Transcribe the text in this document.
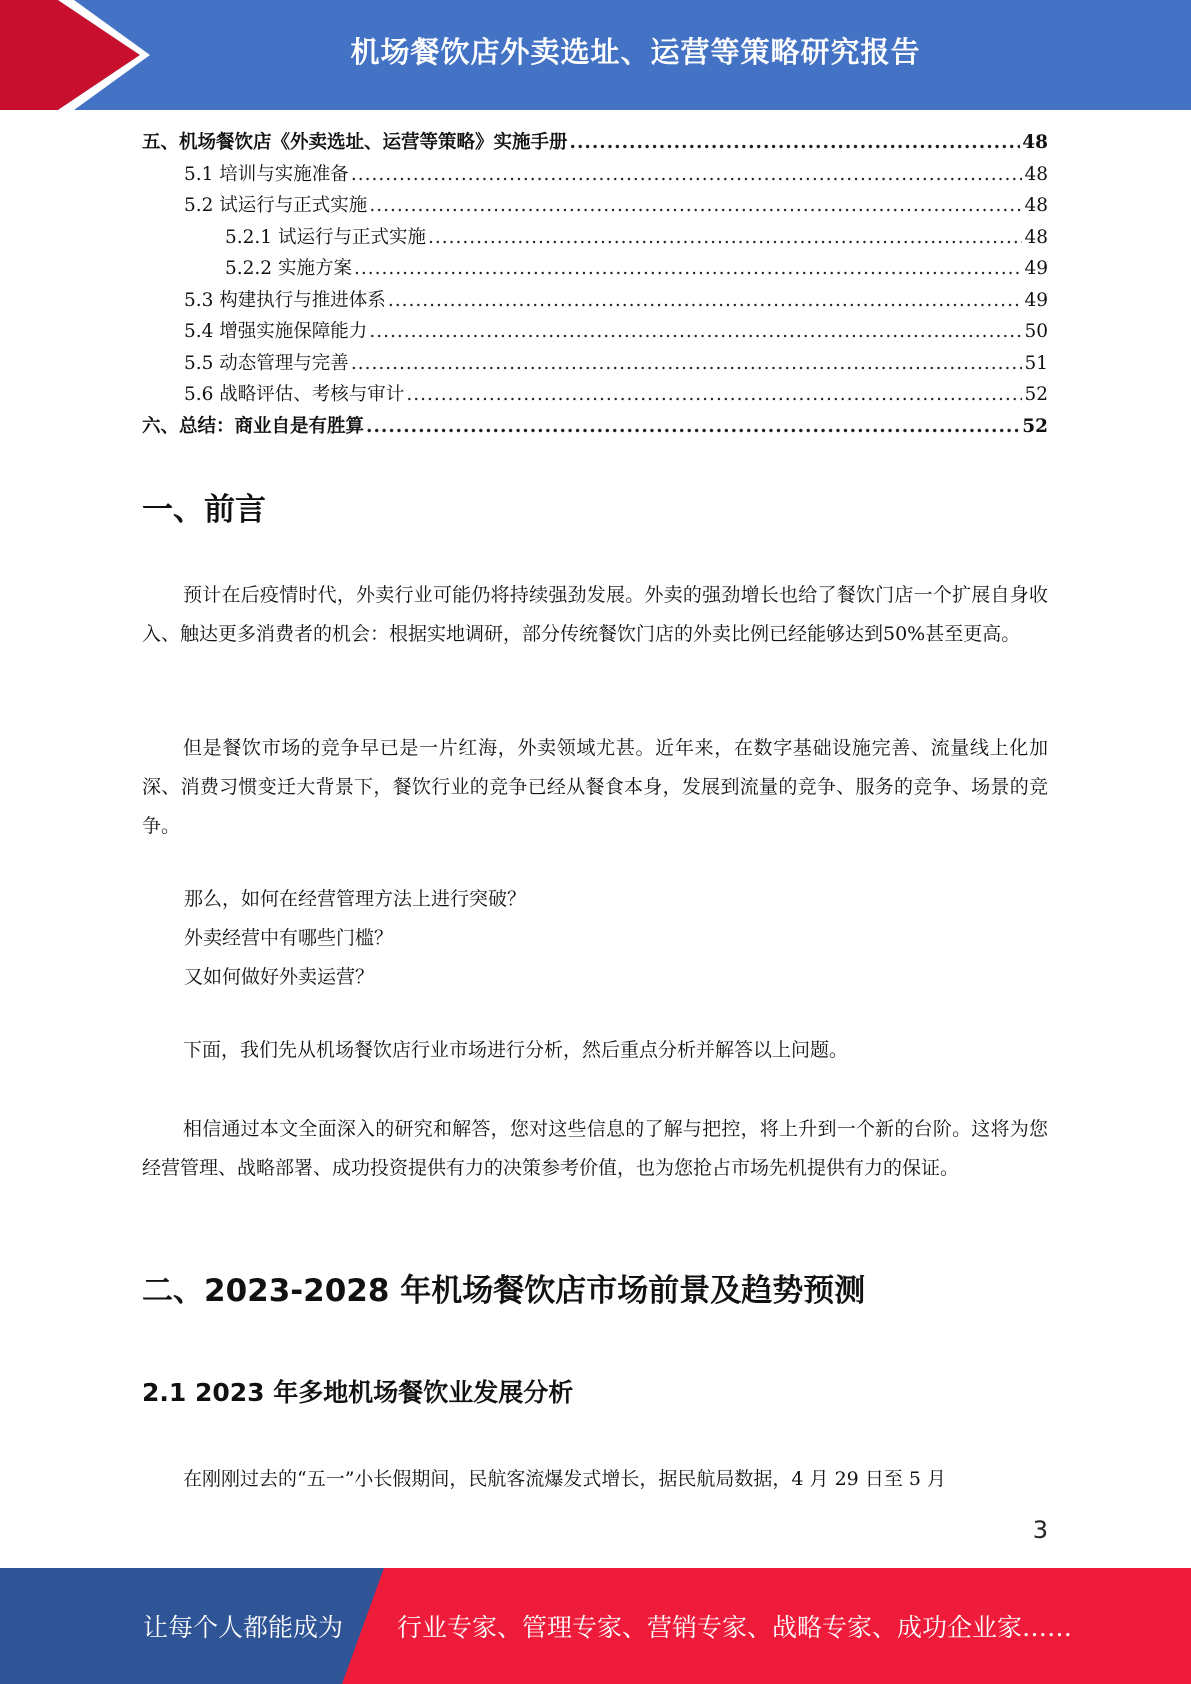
机场餐饮店外卖选址、运营等策略研究报告
五、机场餐饮店《外卖选址、运营等策略》实施手册 .....	48
5.1 培训与实施准备 .....	48
5.2 试运行与正式实施 .....	48
5.2.1 试运行与正式实施 .....	48
5.2.2 实施方案 .....	49
5.3 构建执行与推进体系 .....	49
5.4 增强实施保障能力 .....	50
5.5 动态管理与完善 .....	51
5.6 战略评估、考核与审计 .....	52
六、总结：商业自是有胜算 .....	52
一、前言

预计在后疫情时代，外卖行业可能仍将持续强劲发展。外卖的强劲增长也给了餐饮门店一个扩展自身收入、触达更多消费者的机会：根据实地调研，部分传统餐饮门店的外卖比例已经能够达到50%甚至更高。

但是餐饮市场的竞争早已是一片红海，外卖领域尤甚。近年来，在数字基础设施完善、流量线上化加深、消费习惯变迁大背景下，餐饮行业的竞争已经从餐食本身，发展到流量的竞争、服务的竞争、场景的竞争。

那么，如何在经营管理方法上进行突破？

外卖经营中有哪些门槛？

又如何做好外卖运营？

下面，我们先从机场餐饮店行业市场进行分析，然后重点分析并解答以上问题。

相信通过本文全面深入的研究和解答，您对这些信息的了解与把控，将上升到一个新的台阶。这将为您经营管理、战略部署、成功投资提供有力的决策参考价值，也为您抢占市场先机提供有力的保证。

二、2023-2028 年机场餐饮店市场前景及趋势预测
2.1 2023 年多地机场餐饮业发展分析

在刚刚过去的“五一”小长假期间，民航客流爆发式增长，据民航局数据，4 月 29 日至 5 月

3
让每个人都能成为 行业专家、管理专家、营销专家、战略专家、成功企业家……
